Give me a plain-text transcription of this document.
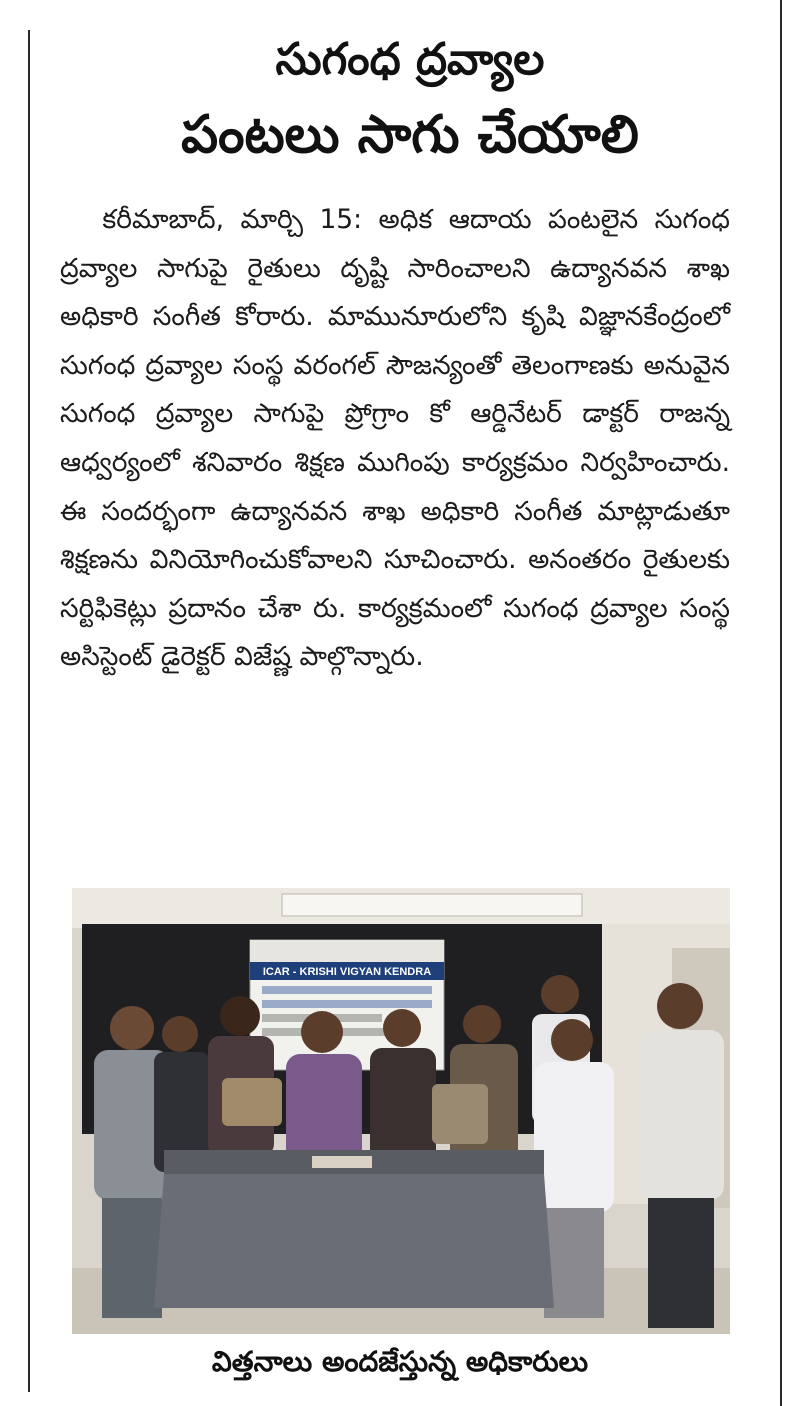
సుగంధ ద్రవ్యాల
పంటలు సాగు చేయాలి
కరీమాబాద్, మార్చి 15: అధిక ఆదాయ పంటలైన సుగంధ ద్రవ్యాల సాగుపై రైతులు దృష్టి సారించాలని ఉద్యానవన శాఖ అధికారి సంగీత కోరారు. మామునూరులోని కృషి విజ్ఞానకేంద్రంలో సుగంధ ద్రవ్యాల సంస్థ వరంగల్ సౌజన్యంతో తెలంగాణకు అనువైన సుగంధ ద్రవ్యాల సాగుపై ప్రోగ్రాం కో ఆర్డినేటర్ డాక్టర్ రాజన్న ఆధ్వర్యంలో శనివారం శిక్షణ ముగింపు కార్యక్రమం నిర్వహించారు. ఈ సందర్భంగా ఉద్యానవన శాఖ అధికారి సంగీత మాట్లాడుతూ శిక్షణను వినియోగించుకోవాలని సూచించారు. అనంతరం రైతులకు సర్టిఫికెట్లు ప్రదానం చేశా రు. కార్యక్రమంలో సుగంధ ద్రవ్యాల సంస్థ అసిస్టెంట్ డైరెక్టర్ విజేష్ణ పాల్గొన్నారు.
ICAR - KRISHI VIGYAN KENDRA
విత్తనాలు అందజేస్తున్న అధికారులు
